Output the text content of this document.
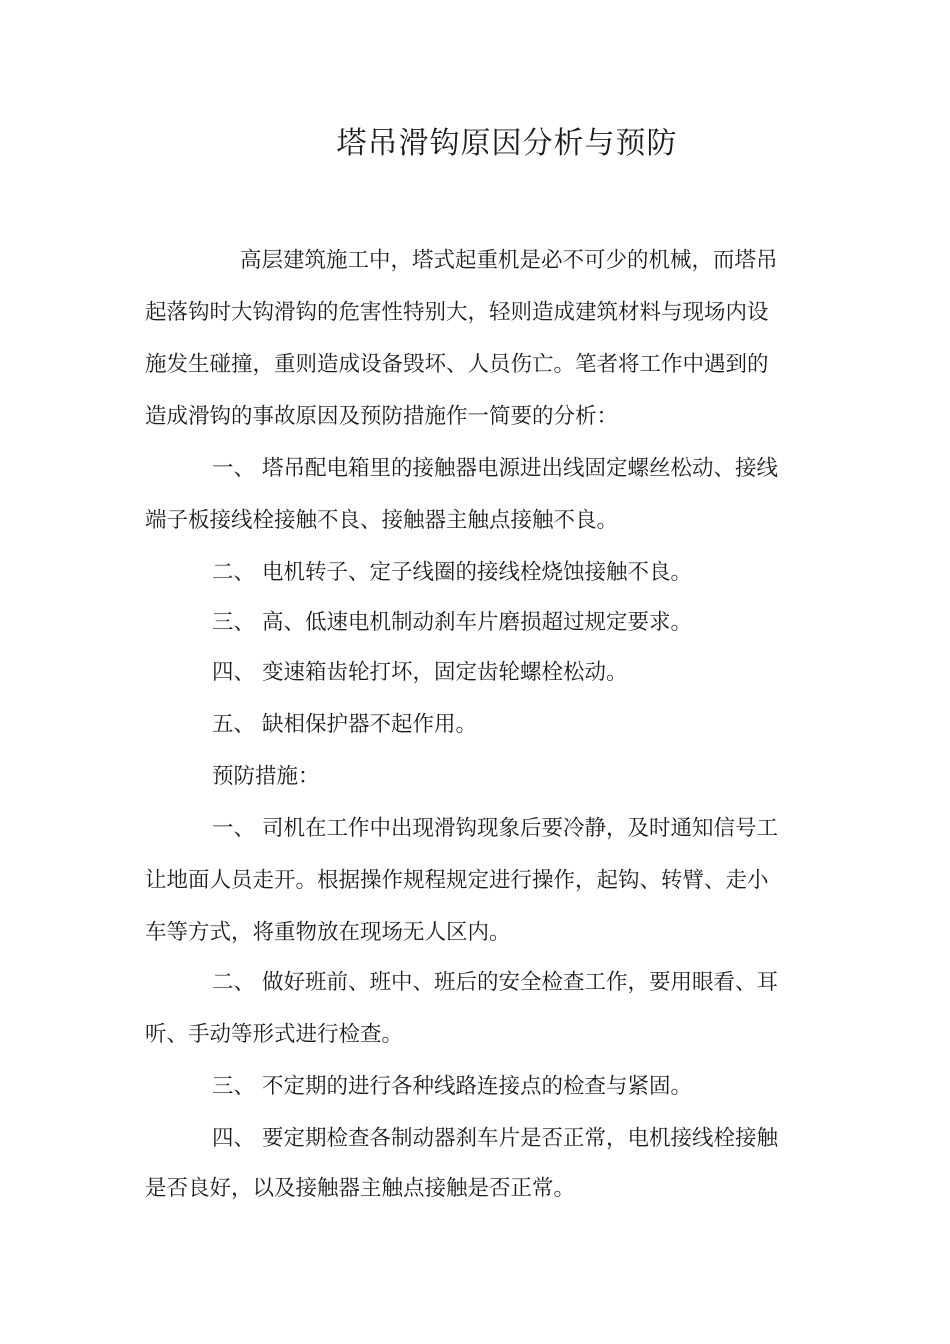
塔吊滑钩原因分析与预防
高层建筑施工中，塔式起重机是必不可少的机械，而塔吊
起落钩时大钩滑钩的危害性特别大，轻则造成建筑材料与现场内设
施发生碰撞，重则造成设备毁坏、人员伤亡。笔者将工作中遇到的
造成滑钩的事故原因及预防措施作一简要的分析：
一、 塔吊配电箱里的接触器电源进出线固定螺丝松动、接线
端子板接线栓接触不良、接触器主触点接触不良。
二、 电机转子、定子线圈的接线栓烧蚀接触不良。
三、 高、低速电机制动刹车片磨损超过规定要求。
四、 变速箱齿轮打坏，固定齿轮螺栓松动。
五、 缺相保护器不起作用。
预防措施：
一、 司机在工作中出现滑钩现象后要冷静，及时通知信号工
让地面人员走开。根据操作规程规定进行操作，起钩、转臂、走小
车等方式，将重物放在现场无人区内。
二、 做好班前、班中、班后的安全检查工作，要用眼看、耳
听、手动等形式进行检查。
三、 不定期的进行各种线路连接点的检查与紧固。
四、 要定期检查各制动器刹车片是否正常，电机接线栓接触
是否良好，以及接触器主触点接触是否正常。
